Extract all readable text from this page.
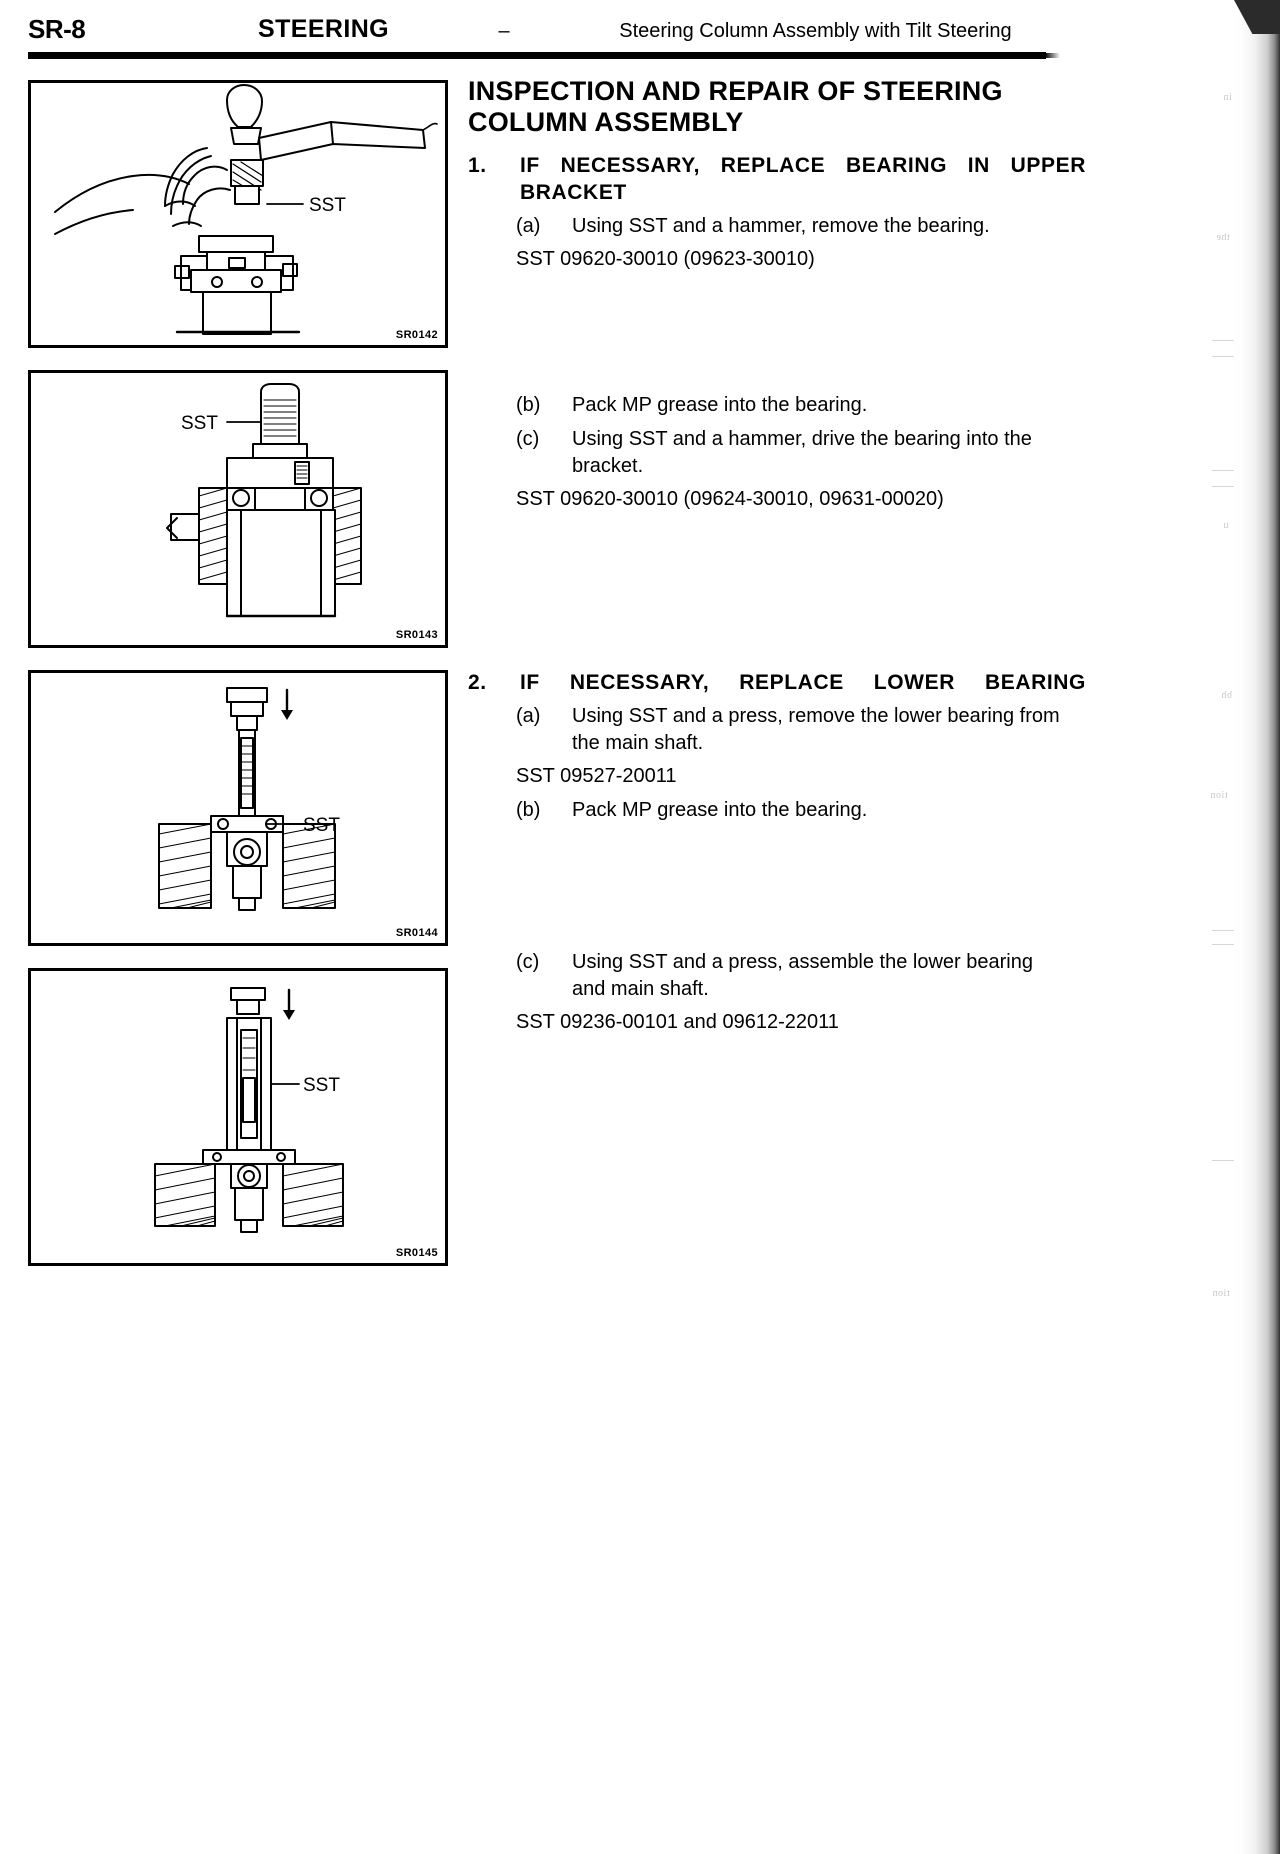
SR-8	STEERING	–	Steering Column Assembly with Tilt Steering
SST
SR0142
SST
SR0143
SST
SR0144
SST
SR0145
INSPECTION AND REPAIR OF STEERING
COLUMN ASSEMBLY
1. IF NECESSARY, REPLACE BEARING IN UPPER
BRACKET
(a) Using SST and a hammer, remove the bearing.
SST 09620-30010 (09623-30010)
(b) Pack MP grease into the bearing.
(c) Using SST and a hammer, drive the bearing into the
bracket.
SST 09620-30010 (09624-30010, 09631-00020)
2. IF NECESSARY, REPLACE LOWER BEARING
(a) Using SST and a press, remove the lower bearing from
the main shaft.
SST 09527-20011
(b) Pack MP grease into the bearing.
(c) Using SST and a press, assemble the lower bearing
and main shaft.
SST 09236-00101 and 09612-22011
in
the
u
bh
tion
tion
